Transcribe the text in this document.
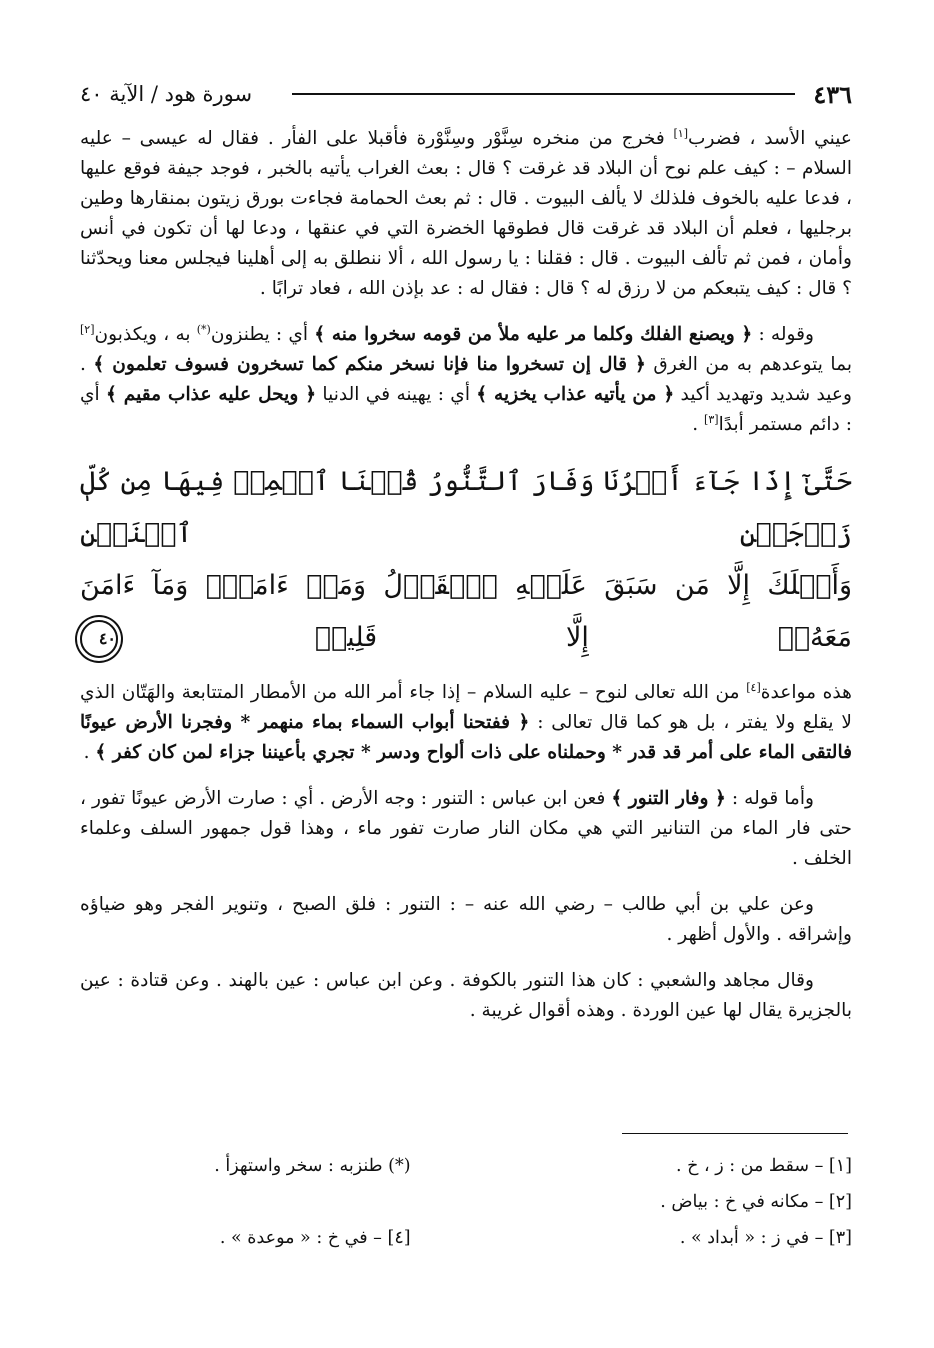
٤٣٦
سورة هود / الآية ٤٠

عيني الأسد ، فضرب[١] فخرج من منخره سِنَّوْر وسِنَّوْرة فأقبلا على الفأر . فقال له عيسى – عليه السلام – : كيف علم نوح أن البلاد قد غرقت ؟ قال : بعث الغراب يأتيه بالخبر ، فوجد جيفة فوقع عليها ، فدعا عليه بالخوف فلذلك لا يألف البيوت . قال : ثم بعث الحمامة فجاءت بورق زيتون بمنقارها وطين برجليها ، فعلم أن البلاد قد غرقت قال فطوقها الخضرة التي في عنقها ، ودعا لها أن تكون في أنس وأمان ، فمن ثم تألف البيوت . قال : فقلنا : يا رسول الله ، ألا ننطلق به إلى أهلينا فيجلس معنا ويحدّثنا ؟ قال : كيف يتبعكم من لا رزق له ؟ قال : فقال له : عد بإذن الله ، فعاد ترابًا .

وقوله : ﴿ ويصنع الفلك وكلما مر عليه ملأ من قومه سخروا منه ﴾ أي : يطنزون(*) به ، ويكذبون[٢] بما يتوعدهم به من الغرق ﴿ قال إن تسخروا منا فإنا نسخر منكم كما تسخرون فسوف تعلمون ﴾ . وعيد شديد وتهديد أكيد ﴿ من يأتيه عذاب يخزيه ﴾ أي : يهينه في الدنيا ﴿ ويحل عليه عذاب مقيم ﴾ أي : دائم مستمر أبدًا[٣] .

حَتَّىٰٓ إِذَا جَآءَ أَمۡرُنَا وَفَارَ ٱلتَّنُّورُ قُلۡنَا ٱحۡمِلۡ فِيهَا مِن كُلّٖ زَوۡجَيۡنِ ٱثۡنَيۡنِ
وَأَهۡلَكَ إِلَّا مَن سَبَقَ عَلَيۡهِ ٱلۡقَوۡلُ وَمَنۡ ءَامَنَۚ وَمَآ ءَامَنَ مَعَهُۥٓ إِلَّا قَلِيلٞ ٤٠

هذه مواعدة[٤] من الله تعالى لنوح – عليه السلام – إذا جاء أمر الله من الأمطار المتتابعة والهَتّان الذي لا يقلع ولا يفتر ، بل هو كما قال تعالى : ﴿ ففتحنا أبواب السماء بماء منهمر * وفجرنا الأرض عيونًا فالتقى الماء على أمر قد قدر * وحملناه على ذات ألواح ودسر * تجري بأعيننا جزاء لمن كان كفر ﴾ .

وأما قوله : ﴿ وفار التنور ﴾ فعن ابن عباس : التنور : وجه الأرض . أي : صارت الأرض عيونًا تفور ، حتى فار الماء من التنانير التي هي مكان النار صارت تفور ماء ، وهذا قول جمهور السلف وعلماء الخلف .

وعن علي بن أبي طالب – رضي الله عنه – : التنور : فلق الصبح ، وتنوير الفجر وهو ضياؤه وإشراقه . والأول أظهر .

وقال مجاهد والشعبي : كان هذا التنور بالكوفة . وعن ابن عباس : عين بالهند . وعن قتادة : عين بالجزيرة يقال لها عين الوردة . وهذه أقوال غريبة .

[١] – سقط من : ز ، خ .
(*) طنزبه : سخر واستهزأ .
[٢] – مكانه في خ : بياض .
[٣] – في ز : « أبداد » .
[٤] – في خ : « موعدة » .
